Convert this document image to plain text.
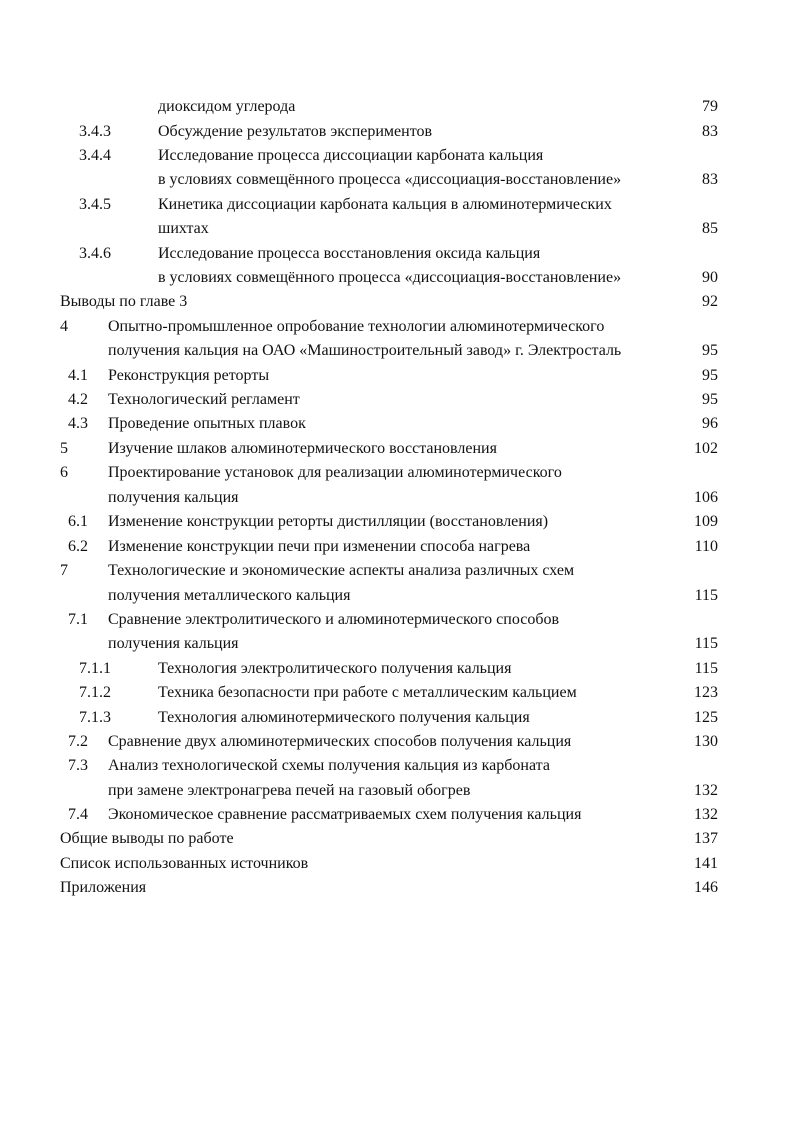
диоксидом углерода	79
3.4.3	Обсуждение результатов экспериментов	83
3.4.4	Исследование процесса диссоциации карбоната кальция
в условиях совмещённого процесса «диссоциация-восстановление»	83
3.4.5	Кинетика диссоциации карбоната кальция в алюминотермических
шихтах	85
3.4.6	Исследование процесса восстановления оксида кальция
в условиях совмещённого процесса «диссоциация-восстановление»	90
Выводы по главе 3	92
4	Опытно-промышленное опробование технологии алюминотермического
получения кальция на ОАО «Машиностроительный завод» г. Электросталь	95
4.1 Реконструкция реторты	95
4.2 Технологический регламент	95
4.3 Проведение опытных плавок	96
5	Изучение шлаков алюминотермического восстановления	102
6	Проектирование установок для реализации алюминотермического
получения кальция	106
6.1 Изменение конструкции реторты дистилляции (восстановления)	109
6.2 Изменение конструкции печи при изменении способа нагрева	110
7	Технологические и экономические аспекты анализа различных схем
получения металлического кальция	115
7.1 Сравнение электролитического и алюминотермического способов
получения кальция	115
7.1.1	Технология электролитического получения кальция	115
7.1.2	Техника безопасности при работе с металлическим кальцием	123
7.1.3	Технология алюминотермического получения кальция	125
7.2 Сравнение двух алюминотермических способов получения кальция	130
7.3 Анализ технологической схемы получения кальция из карбоната
при замене электронагрева печей на газовый обогрев	132
7.4 Экономическое сравнение рассматриваемых схем получения кальция	132
Общие выводы по работе	137
Список использованных источников	141
Приложения	146
